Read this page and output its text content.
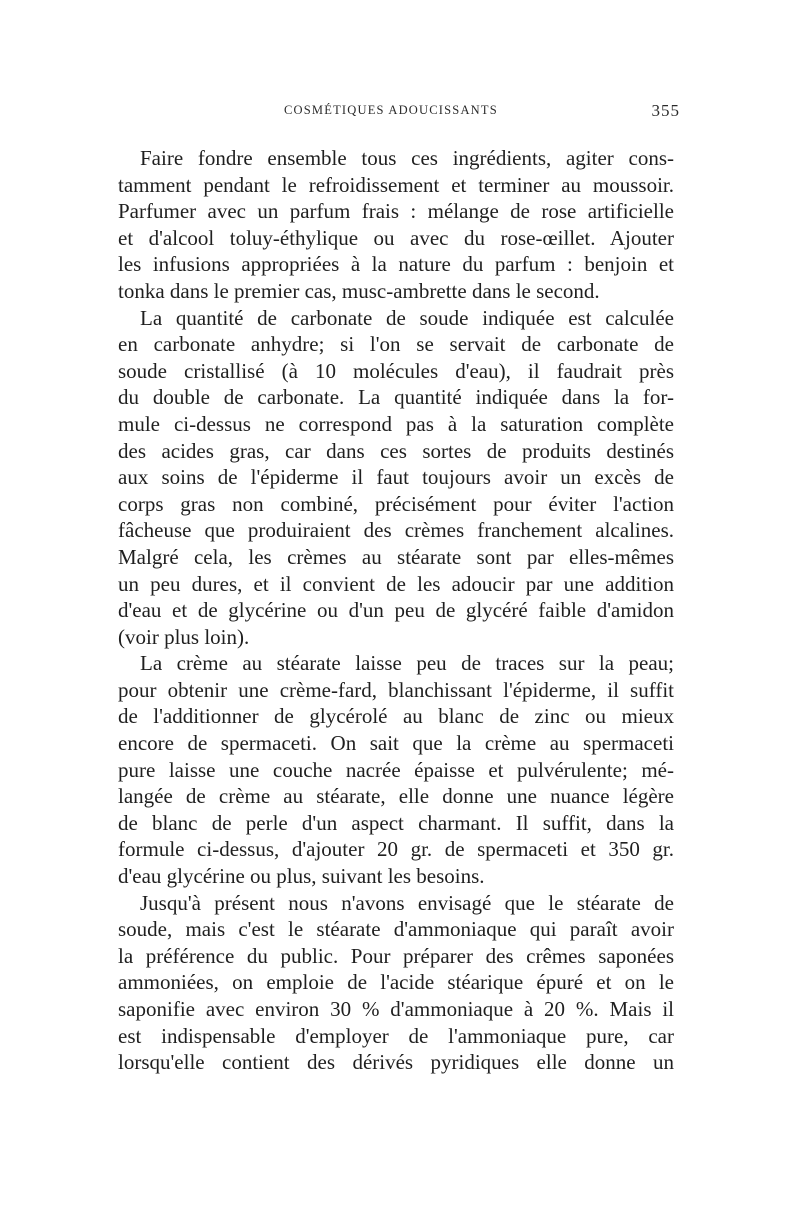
COSMÉTIQUES ADOUCISSANTS	355
Faire fondre ensemble tous ces ingrédients, agiter cons-
tamment pendant le refroidissement et terminer au moussoir.
Parfumer avec un parfum frais : mélange de rose artificielle
et d'alcool toluy-éthylique ou avec du rose-œillet. Ajouter
les infusions appropriées à la nature du parfum : benjoin et
tonka dans le premier cas, musc-ambrette dans le second.
La quantité de carbonate de soude indiquée est calculée
en carbonate anhydre; si l'on se servait de carbonate de
soude cristallisé (à 10 molécules d'eau), il faudrait près
du double de carbonate. La quantité indiquée dans la for-
mule ci-dessus ne correspond pas à la saturation complète
des acides gras, car dans ces sortes de produits destinés
aux soins de l'épiderme il faut toujours avoir un excès de
corps gras non combiné, précisément pour éviter l'action
fâcheuse que produiraient des crèmes franchement alcalines.
Malgré cela, les crèmes au stéarate sont par elles-mêmes
un peu dures, et il convient de les adoucir par une addition
d'eau et de glycérine ou d'un peu de glycéré faible d'amidon
(voir plus loin).
La crème au stéarate laisse peu de traces sur la peau;
pour obtenir une crème-fard, blanchissant l'épiderme, il suffit
de l'additionner de glycérolé au blanc de zinc ou mieux
encore de spermaceti. On sait que la crème au spermaceti
pure laisse une couche nacrée épaisse et pulvérulente; mé-
langée de crème au stéarate, elle donne une nuance légère
de blanc de perle d'un aspect charmant. Il suffit, dans la
formule ci-dessus, d'ajouter 20 gr. de spermaceti et 350 gr.
d'eau glycérine ou plus, suivant les besoins.
Jusqu'à présent nous n'avons envisagé que le stéarate de
soude, mais c'est le stéarate d'ammoniaque qui paraît avoir
la préférence du public. Pour préparer des crêmes saponées
ammoniées, on emploie de l'acide stéarique épuré et on le
saponifie avec environ 30 % d'ammoniaque à 20 %. Mais il
est indispensable d'employer de l'ammoniaque pure, car
lorsqu'elle contient des dérivés pyridiques elle donne un
